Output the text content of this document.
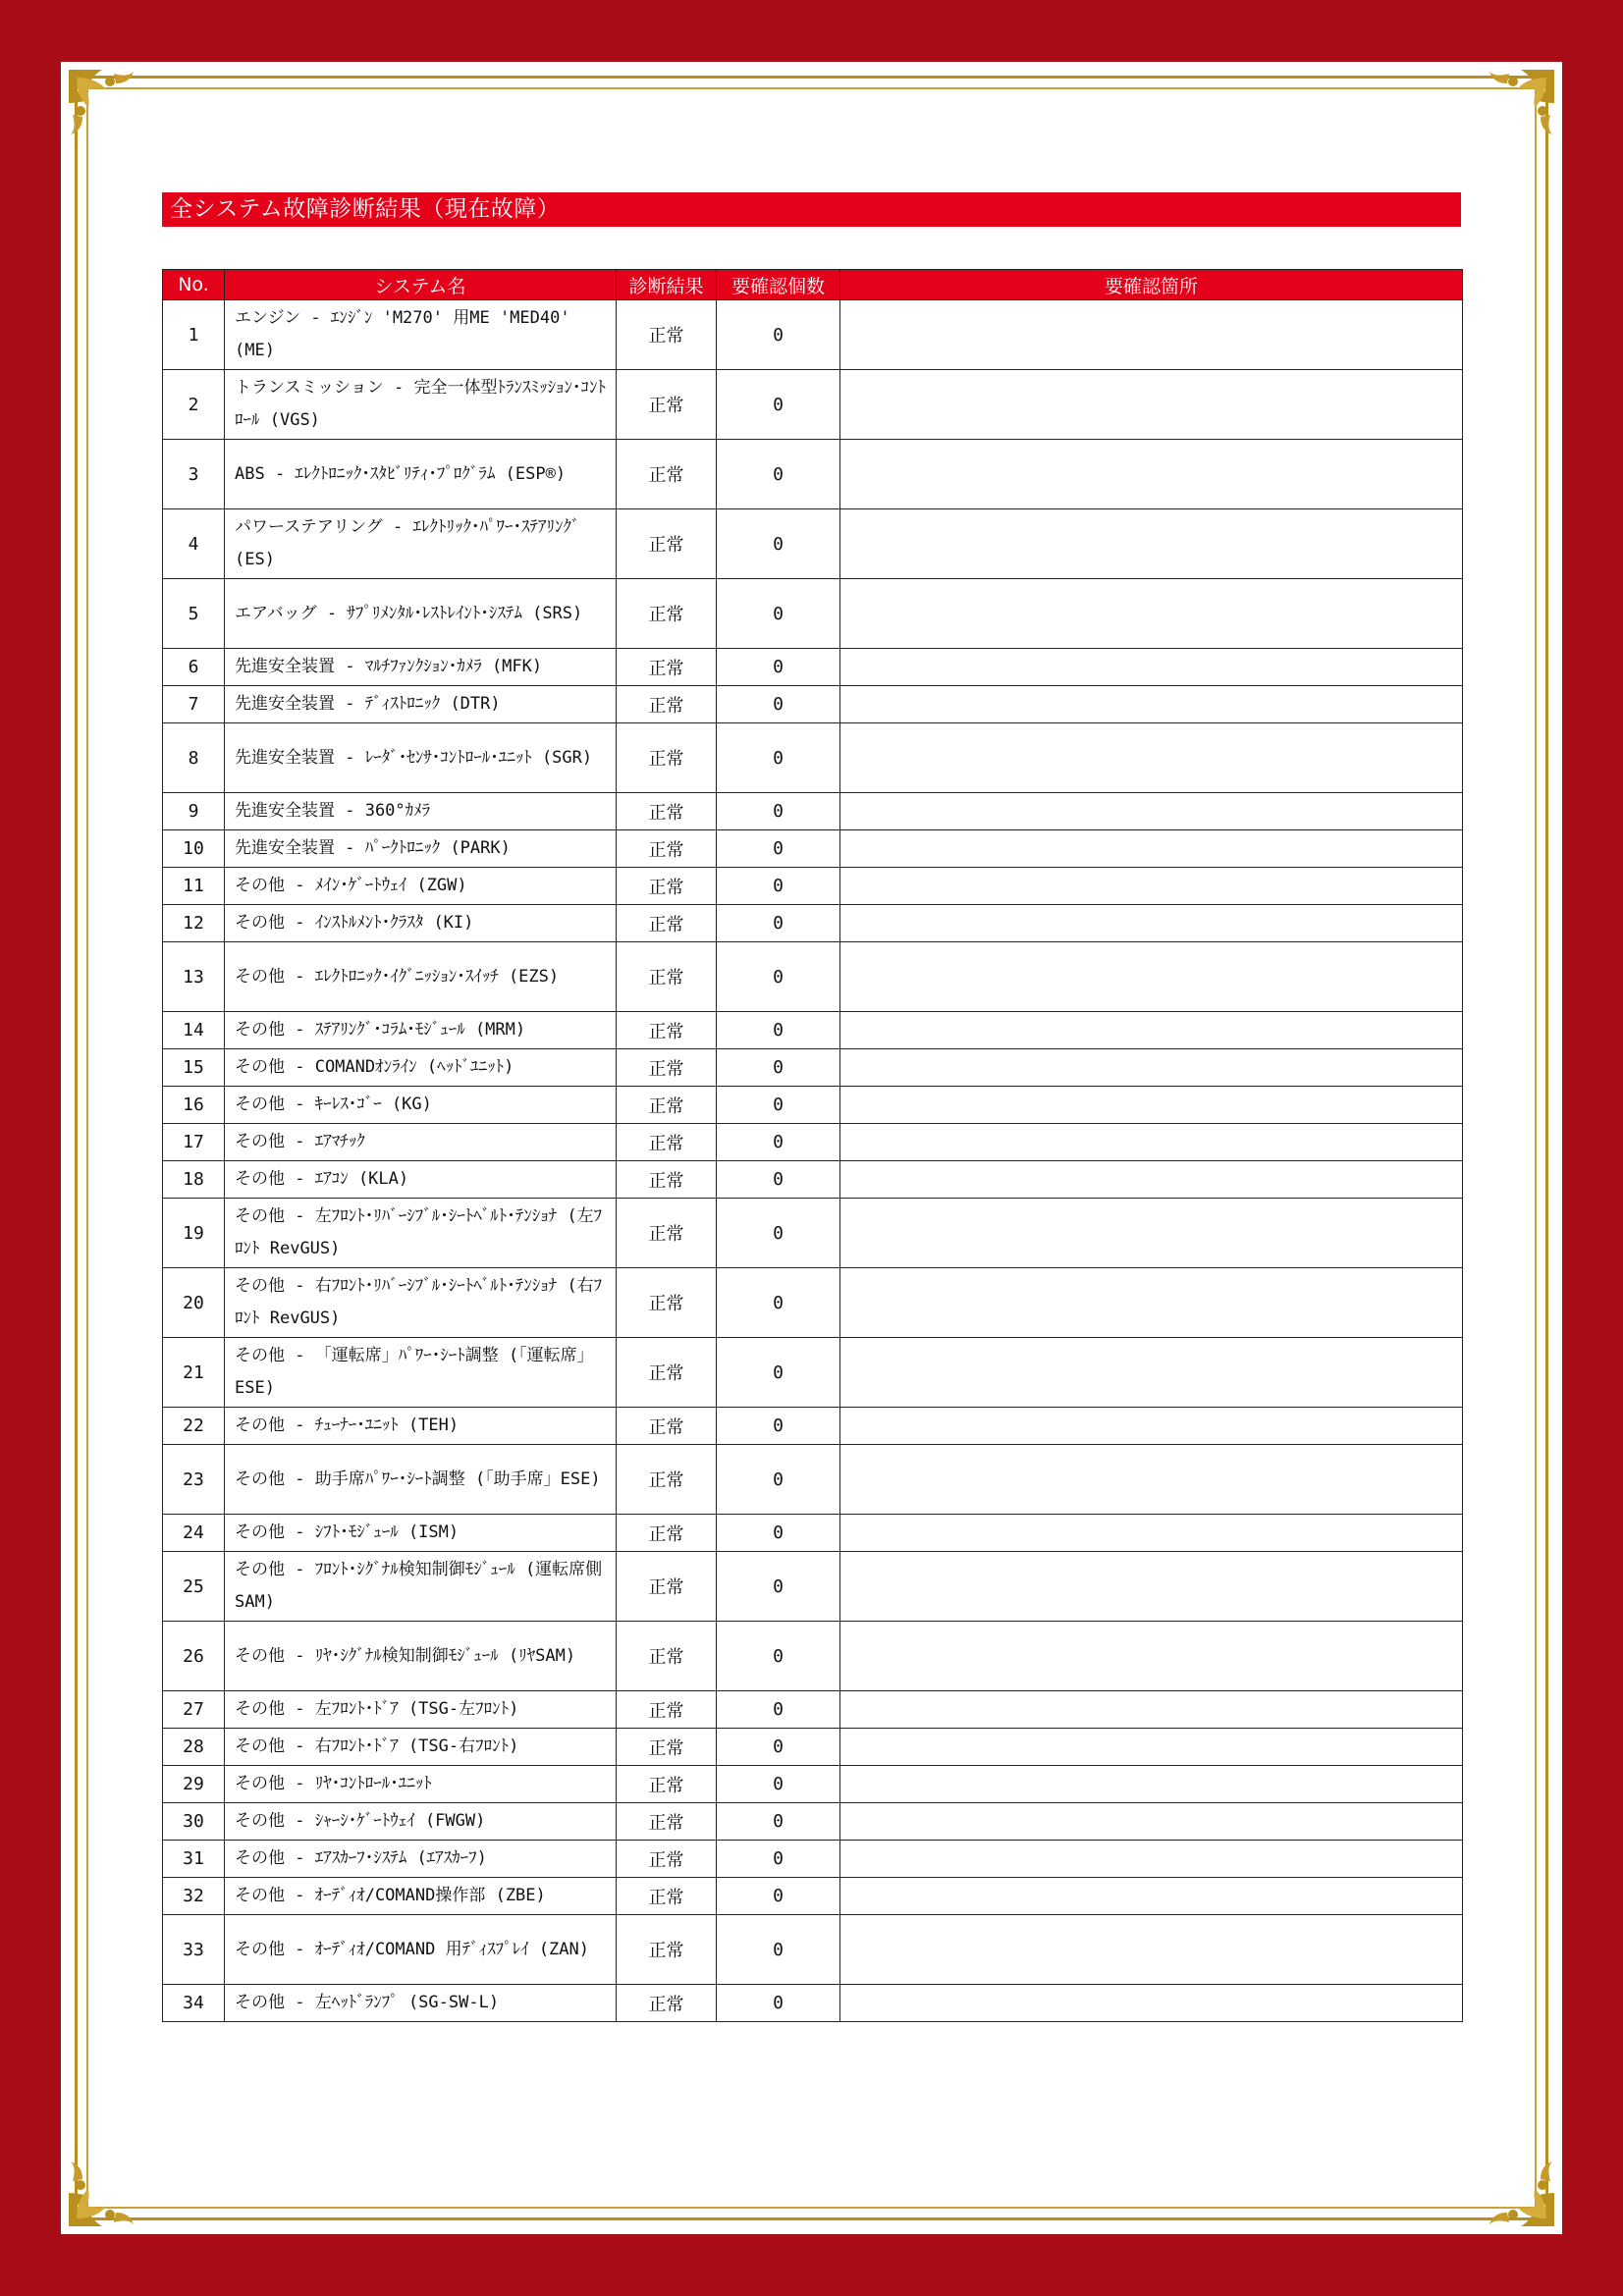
全システム故障診断結果（現在故障）
No.	システム名	診断結果	要確認個数	要確認箇所
1	エンジン - ｴﾝｼﾞﾝ 'M270' 用ME 'MED40' (ME)	正常	0	
2	トランスミッション - 完全一体型ﾄﾗﾝｽﾐｯｼｮﾝ･ｺﾝﾄﾛｰﾙ (VGS)	正常	0	
3	ABS - ｴﾚｸﾄﾛﾆｯｸ･ｽﾀﾋﾞﾘﾃｨ･ﾌﾟﾛｸﾞﾗﾑ (ESP®)	正常	0	
4	パワーステアリング - ｴﾚｸﾄﾘｯｸ･ﾊﾟﾜｰ･ｽﾃｱﾘﾝｸﾞ (ES)	正常	0	
5	エアバッグ - ｻﾌﾟﾘﾒﾝﾀﾙ･ﾚｽﾄﾚｲﾝﾄ･ｼｽﾃﾑ (SRS)	正常	0	
6	先進安全装置 - ﾏﾙﾁﾌｧﾝｸｼｮﾝ･ｶﾒﾗ (MFK)	正常	0	
7	先進安全装置 - ﾃﾞｨｽﾄﾛﾆｯｸ (DTR)	正常	0	
8	先進安全装置 - ﾚｰﾀﾞ･ｾﾝｻ･ｺﾝﾄﾛｰﾙ･ﾕﾆｯﾄ (SGR)	正常	0	
9	先進安全装置 - 360°ｶﾒﾗ	正常	0	
10	先進安全装置 - ﾊﾟｰｸﾄﾛﾆｯｸ (PARK)	正常	0	
11	その他 - ﾒｲﾝ･ｹﾞｰﾄｳｪｲ (ZGW)	正常	0	
12	その他 - ｲﾝｽﾄﾙﾒﾝﾄ･ｸﾗｽﾀ (KI)	正常	0	
13	その他 - ｴﾚｸﾄﾛﾆｯｸ･ｲｸﾞﾆｯｼｮﾝ･ｽｲｯﾁ (EZS)	正常	0	
14	その他 - ｽﾃｱﾘﾝｸﾞ･ｺﾗﾑ･ﾓｼﾞｭｰﾙ (MRM)	正常	0	
15	その他 - COMANDｵﾝﾗｲﾝ (ﾍｯﾄﾞﾕﾆｯﾄ)	正常	0	
16	その他 - ｷｰﾚｽ･ｺﾞｰ (KG)	正常	0	
17	その他 - ｴｱﾏﾁｯｸ	正常	0	
18	その他 - ｴｱｺﾝ (KLA)	正常	0	
19	その他 - 左ﾌﾛﾝﾄ･ﾘﾊﾞｰｼﾌﾞﾙ･ｼｰﾄﾍﾞﾙﾄ･ﾃﾝｼｮﾅ (左ﾌﾛﾝﾄ RevGUS)	正常	0	
20	その他 - 右ﾌﾛﾝﾄ･ﾘﾊﾞｰｼﾌﾞﾙ･ｼｰﾄﾍﾞﾙﾄ･ﾃﾝｼｮﾅ (右ﾌﾛﾝﾄ RevGUS)	正常	0	
21	その他 - 「運転席」ﾊﾟﾜｰ･ｼｰﾄ調整 (「運転席」ESE)	正常	0	
22	その他 - ﾁｭｰﾅｰ･ﾕﾆｯﾄ (TEH)	正常	0	
23	その他 - 助手席ﾊﾟﾜｰ･ｼｰﾄ調整 (「助手席」ESE)	正常	0	
24	その他 - ｼﾌﾄ･ﾓｼﾞｭｰﾙ (ISM)	正常	0	
25	その他 - ﾌﾛﾝﾄ･ｼｸﾞﾅﾙ検知制御ﾓｼﾞｭｰﾙ (運転席側SAM)	正常	0	
26	その他 - ﾘﾔ･ｼｸﾞﾅﾙ検知制御ﾓｼﾞｭｰﾙ (ﾘﾔSAM)	正常	0	
27	その他 - 左ﾌﾛﾝﾄ･ﾄﾞｱ (TSG-左ﾌﾛﾝﾄ)	正常	0	
28	その他 - 右ﾌﾛﾝﾄ･ﾄﾞｱ (TSG-右ﾌﾛﾝﾄ)	正常	0	
29	その他 - ﾘﾔ･ｺﾝﾄﾛｰﾙ･ﾕﾆｯﾄ	正常	0	
30	その他 - ｼｬｰｼ･ｹﾞｰﾄｳｪｲ (FWGW)	正常	0	
31	その他 - ｴｱｽｶｰﾌ･ｼｽﾃﾑ (ｴｱｽｶｰﾌ)	正常	0	
32	その他 - ｵｰﾃﾞｨｵ/COMAND操作部 (ZBE)	正常	0	
33	その他 - ｵｰﾃﾞｨｵ/COMAND 用ﾃﾞｨｽﾌﾟﾚｲ (ZAN)	正常	0	
34	その他 - 左ﾍｯﾄﾞﾗﾝﾌﾟ (SG-SW-L)	正常	0	
